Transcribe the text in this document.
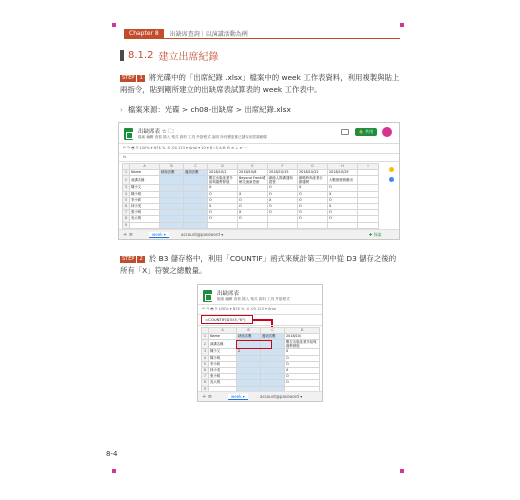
Chapter 8	出缺席查詢｜以演講活動為例
8.1.2 建立出席紀錄
STEP 1 將光碟中的「出席紀錄 .xlsx」檔案中的 week 工作表資料，利用複製與貼上兩指令，貼到剛所建立的出缺席表試算表的 week 工作表中。
› 檔案來源：光碟 > ch08-出缺席 > 出席紀錄.xlsx
出缺席表 ☆ 🗀
檔案 編輯 查看 插入 格式 資料 工具 外掛程式 說明 所有變更都已儲存到雲端硬碟
🔒 共用
↶ ↷ 🖶 ⅌ 100% ▾ NT$ % .0 .00 123 ▾ Arial ▾ 10 ▾ B I S A ⊞ ⊟ ≡ ⊥ ≡ ⋯
fx
	A	B	C	D	E	F	G	H	I
1	Name	缺席次數	遲到次數	2018/10/1	2018/10/8	2018/10/15	2018/10/22	2018/10/29	
2	演講名稱			數位出版產業介紹與趨勢發展	Beyond Fresh城鄉交流新思維	網絡人際溝通與經營	網路時尚產業行銷趨勢	大數據營銷應用	
3	陳小文			X		O	X	O	
4	陳小明			O	X	O	O	X	
5	李小莉			O	O	X	O	O	
6	林小美			X	O	O	O	X	
7	張小明			O	X	O	O	O	
8	吳大明			O	O		O	O	
9									
+ ≡	week ▾	account@password ▾	✚ 探索
STEP 2 於 B3 儲存格中，利用「COUNTIF」函式來統計第三列中從 D3 儲存之後的所有「X」符號之總數量。
出缺席表
檔案 編輯 查看 插入 格式 資料 工具 外掛程式
↶ ↷ 🖶 ⅌ 100% ▾ NT$ % .0 .00 123 ▾ Arial
=COUNTIF(D3:I3,"X")
	A	B	C	D
1	Name	缺席次數	遲到次數	2018/10/
2	演講名稱			數位出版產業介紹與趨勢發展
3	陳小文	2		X
4	陳小明			O
5	李小莉			O
6	林小美			X
7	張小明			O
8	吳大明			O
9				
+ ≡	week ▾	account@password ▾
8-4
